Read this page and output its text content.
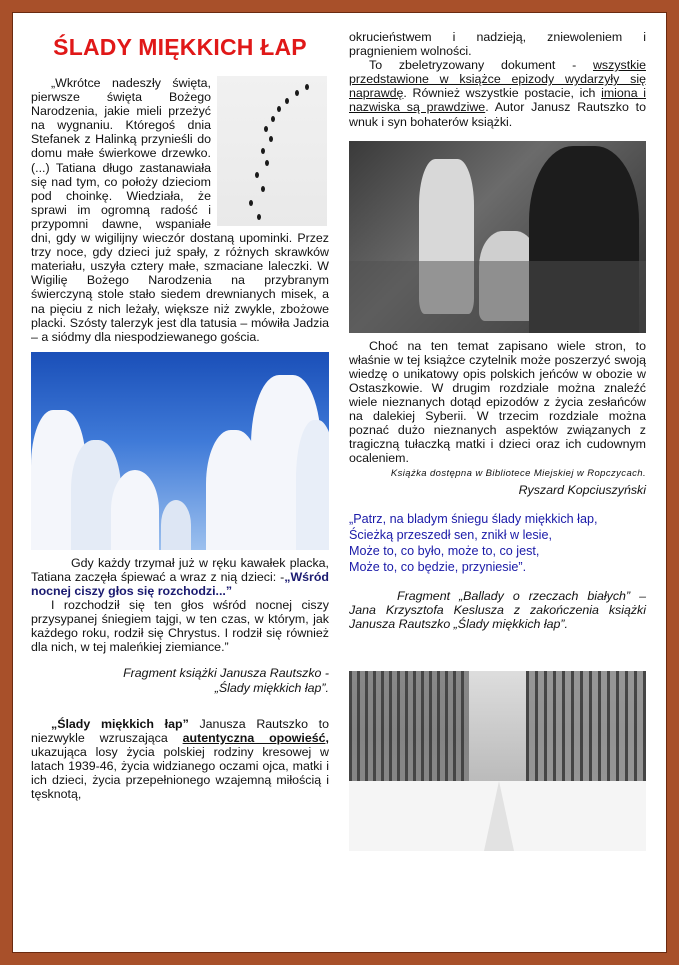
ŚLADY MIĘKKICH ŁAP

„Wkrótce nadeszły święta, pierwsze święta Bożego Narodzenia, jakie mieli przeżyć na wygnaniu. Któregoś dnia Stefanek z Halinką przynieśli do domu małe świerkowe drzewko. (...) Tatiana długo zastanawiała się nad tym, co położy dzieciom pod choinkę. Wiedziała, że sprawi im ogromną radość i przypomni dawne, wspaniałe dni, gdy w wigilijny wieczór dostaną upominki. Przez trzy noce, gdy dzieci już spały, z różnych skrawków materiału, uszyła cztery małe, szmaciane laleczki. W Wigilię Bożego Narodzenia na przybranym świerczyną stole stało siedem drewnianych misek, a na pięciu z nich leżały, większe niż zwykle, zbożowe placki. Szósty talerzyk jest dla tatusia – mówiła Jadzia – a siódmy dla niespodziewanego gościa.

Gdy każdy trzymał już w ręku kawałek placka, Tatiana zaczęła śpiewać a wraz z nią dzieci: -„Wśród nocnej ciszy głos się rozchodzi...”

I rozchodził się ten głos wśród nocnej ciszy przysypanej śniegiem tajgi, w ten czas, w którym, jak każdego roku, rodził się Chrystus. I rodził się również dla nich, w tej maleńkiej ziemiance.”

Fragment książki Janusza Rautszko -

„Ślady miękkich łap”.

„Ślady miękkich łap” Janusza Rautszko to niezwykle wzruszająca autentyczna opowieść, ukazująca losy życia polskiej rodziny kresowej w latach 1939-46, życia widzianego oczami ojca, matki i ich dzieci, życia przepełnionego wzajemną miłością i tęsknotą,

okrucieństwem i nadzieją, zniewoleniem i pragnieniem wolności.

To zbeletryzowany dokument - wszystkie przedstawione w książce epizody wydarzyły się naprawdę. Również wszystkie postacie, ich imiona i nazwiska są prawdziwe. Autor Janusz Rautszko to wnuk i syn bohaterów książki.

Choć na ten temat zapisano wiele stron, to właśnie w tej książce czytelnik może poszerzyć swoją wiedzę o unikatowy opis polskich jeńców w obozie w Ostaszkowie. W drugim rozdziale można znaleźć wiele nieznanych dotąd epizodów z życia zesłańców na dalekiej Syberii. W trzecim rozdziale można poznać dużo nieznanych aspektów związanych z tragiczną tułaczką matki i dzieci oraz ich cudownym ocaleniem.

Książka dostępna w Bibliotece Miejskiej w Ropczycach.

Ryszard Kopciuszyński

„Patrz, na bladym śniegu ślady miękkich łap,
Ścieżką przeszedł sen, znikł w lesie,
Może to, co było, może to, co jest,
Może to, co będzie, przyniesie”.

Fragment „Ballady o rzeczach białych” – Jana Krzysztofa Keslusza z zakończenia książki Janusza Rautszko „Ślady miękkich łap”.
